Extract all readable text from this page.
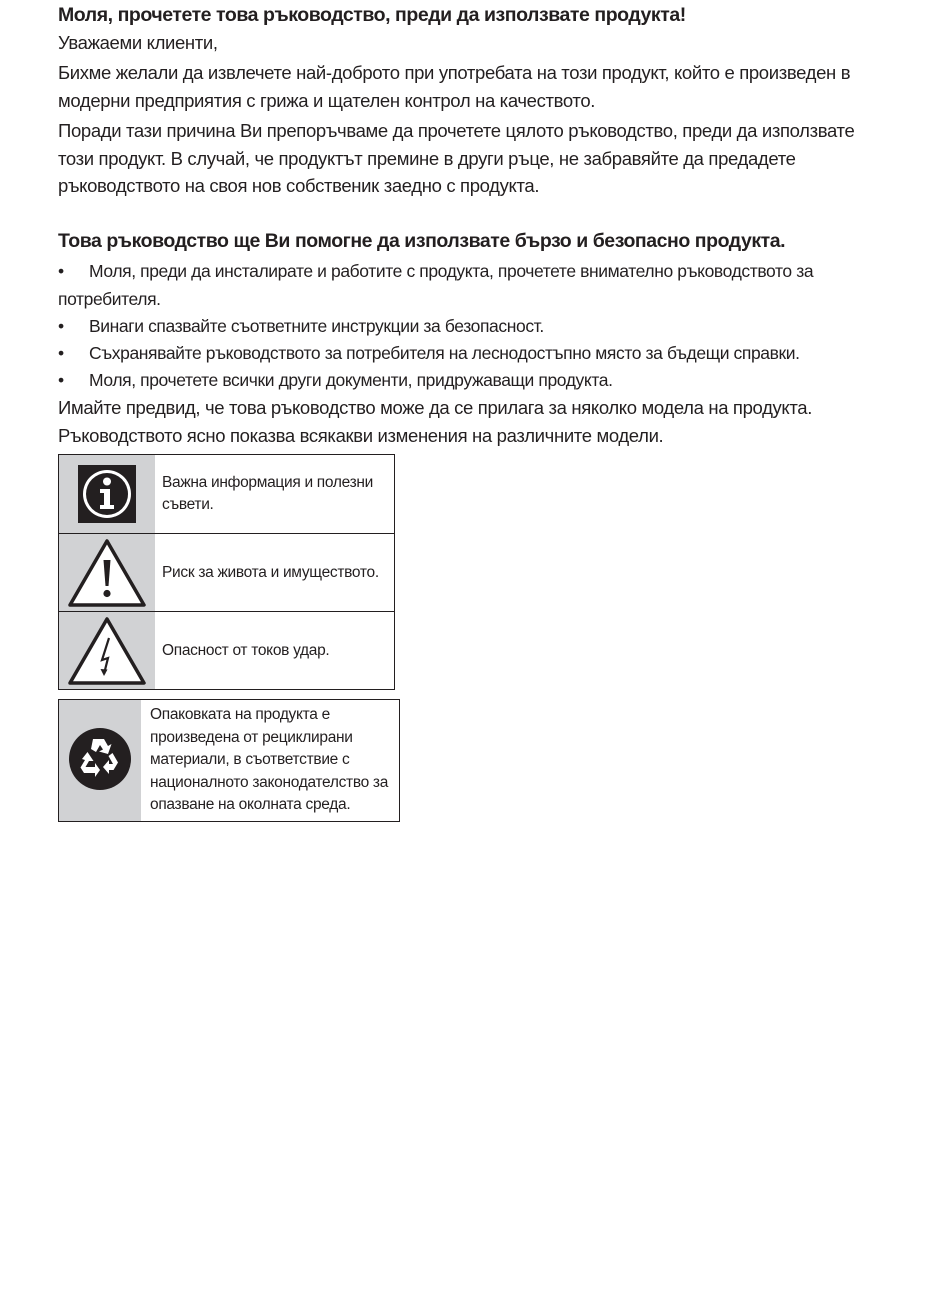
Моля, прочетете това ръководство, преди да използвате продукта!

Уважаеми клиенти,

Бихме желали да извлечете най-доброто при употребата на този продукт, който е произведен в модерни предприятия с грижа и щателен контрол на качеството.

Поради тази причина Ви препоръчваме да прочетете цялото ръководство, преди да използвате този продукт. В случай, че продуктът премине в други ръце, не забравяйте да предадете ръководството на своя нов собственик заедно с продукта.

Това ръководство ще Ви помогне да използвате бързо и безопасно продукта.

• Моля, преди да инсталирате и работите с продукта, прочетете внимателно ръководството за потребителя.

• Винаги спазвайте съответните инструкции за безопасност.

• Съхранявайте ръководството за потребителя на леснодостъпно място за бъдещи справки.

• Моля, прочетете всички други документи, придружаващи продукта.

Имайте предвид, че това ръководство може да се прилага за няколко модела на продукта. Ръководството ясно показва всякакви изменения на различните модели.

Важна информация и полезни съвети.
Риск за живота и имуществото.
Опасност от токов удар.
Опаковката на продукта е произведена от рециклирани материали, в съответствие с националното законодателство за опазване на околната среда.
